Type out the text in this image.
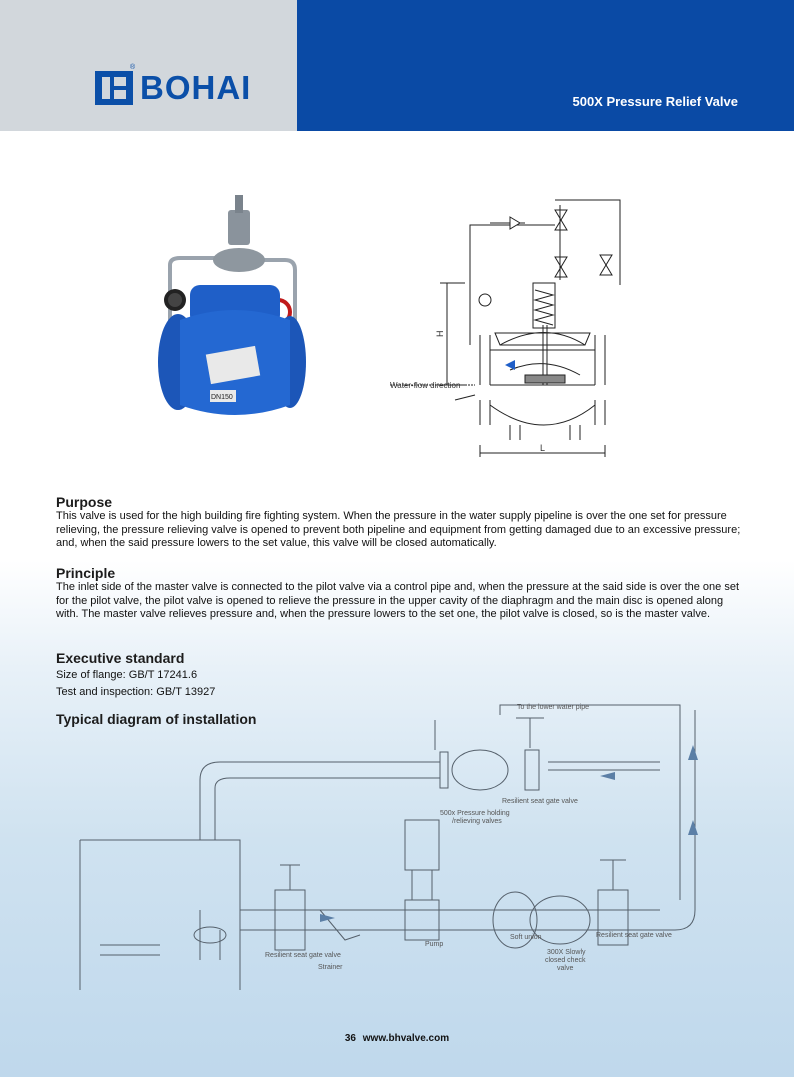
®
BOHAI	500X Pressure Relief Valve
DN150
H
L
Water-flow direction
Purpose

This valve is used for the high building fire fighting system. When the pressure in the water supply pipeline is over the one set for pressure relieving, the pressure relieving valve is opened to prevent both pipeline and equipment from getting damaged due to an excessive pressure; and, when the said pressure lowers to the set value, this valve will be closed automatically.

Principle

The inlet side of the master valve is connected to the pilot valve via a control pipe and, when the pressure at the said side is over the one set for the pilot valve, the pilot valve is opened to relieve the pressure in the upper cavity of the diaphragm and the main disc is opened along with. The master valve relieves pressure and, when the pressure lowers to the set one, the pilot valve is closed, so is the master valve.

Executive standard

Size of flange: GB/T 17241.6

Test and inspection: GB/T 13927

Typical diagram of installation
To the lower water pipe
Resilient seat gate valve
500x Pressure holding
/relieving valves
Pump
Soft union	Resilient seat gate valve
300X Slowly
closed check
valve
Resilient seat gate valve
Strainer
36 www.bhvalve.com
